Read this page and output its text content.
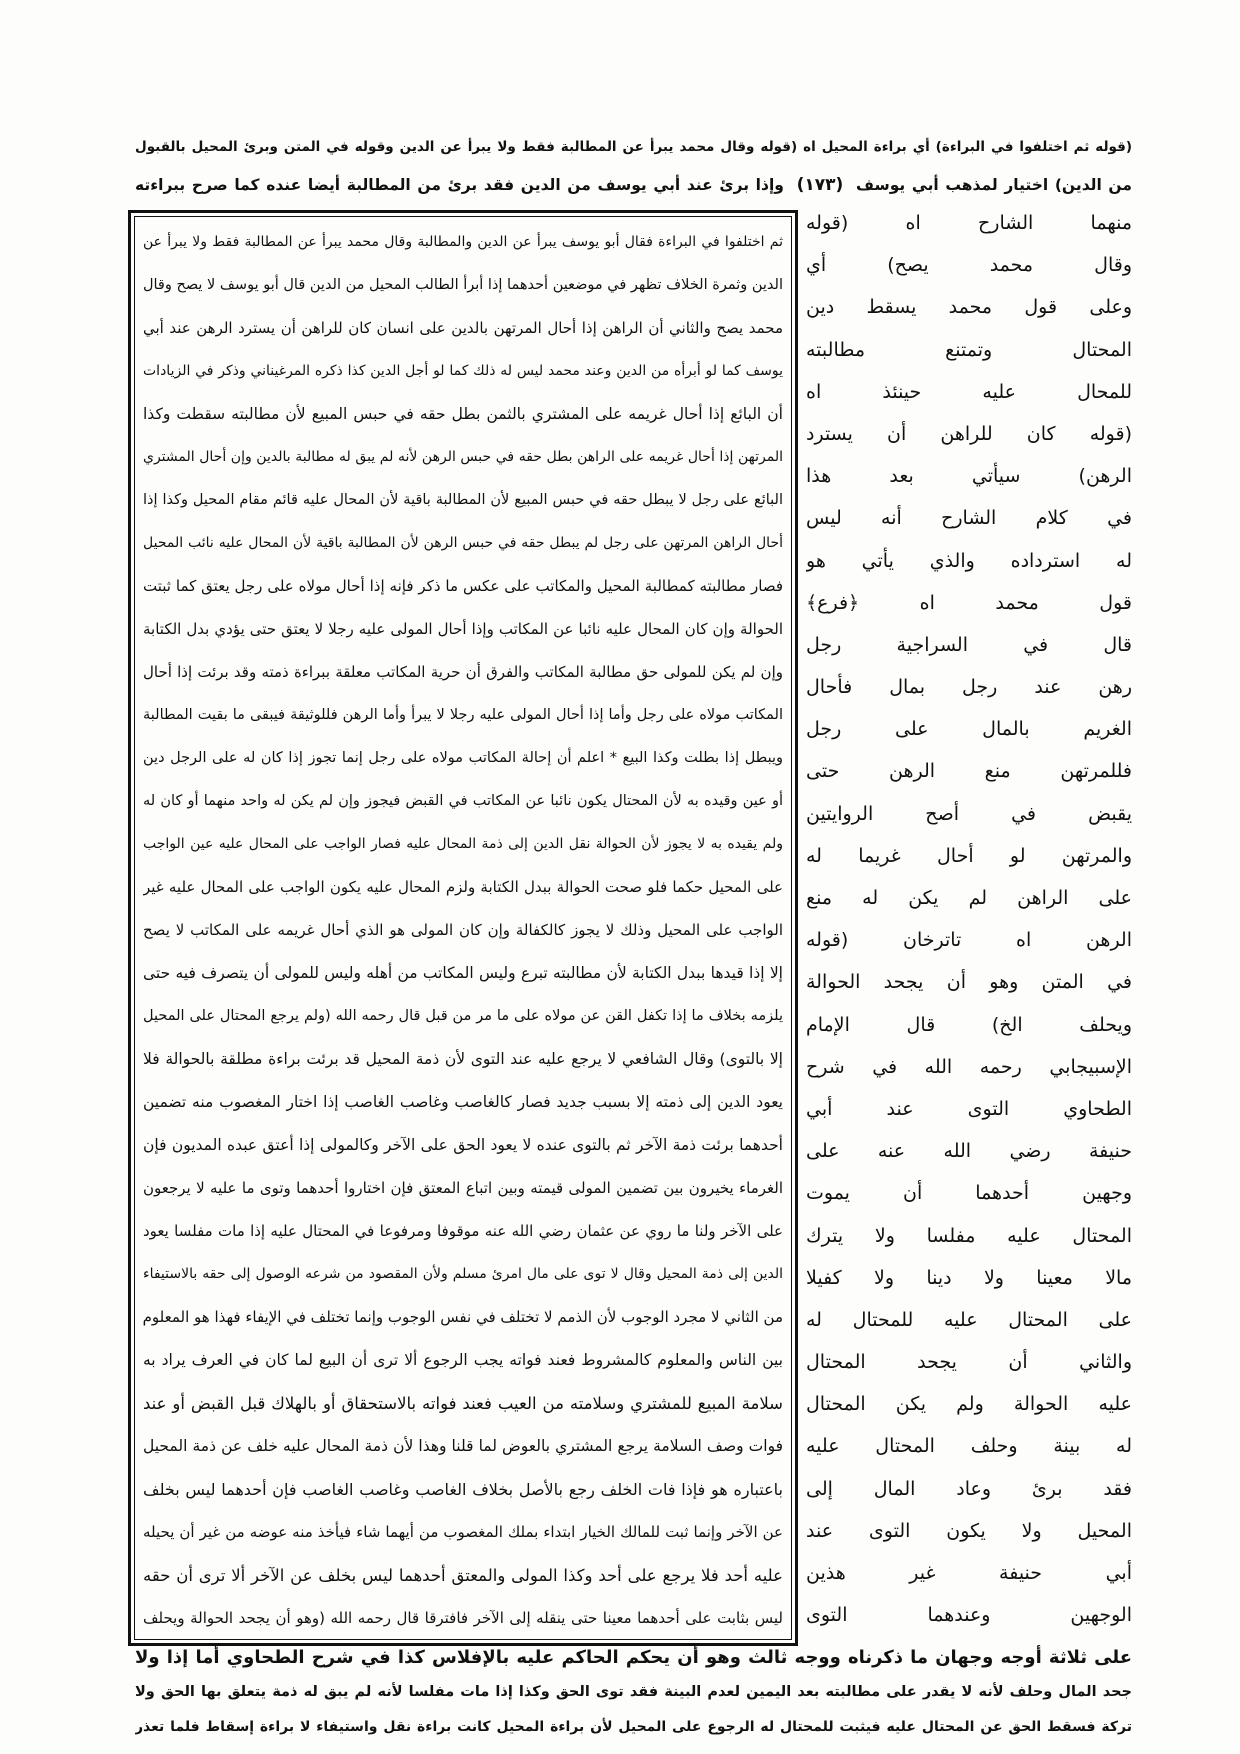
(قوله ثم اختلفوا في البراءة) أي براءة المحيل اه (قوله وقال محمد يبرأ عن المطالبة فقط ولا يبرأ عن الدين وقوله في المتن وبرئ المحيل بالقبول
من الدين) اختيار لمذهب أبي يوسف (١٧٣) وإذا برئ عند أبي يوسف من الدين فقد برئ من المطالبة أيضا عنده كما صرح ببراءته
ثم اختلفوا في البراءة فقال أبو يوسف يبرأ عن الدين والمطالبة وقال محمد يبرأ عن المطالبة فقط ولا يبرأ عن
الدين وثمرة الخلاف تظهر في موضعين أحدهما إذا أبرأ الطالب المحيل من الدين قال أبو يوسف لا يصح وقال
محمد يصح والثاني أن الراهن إذا أحال المرتهن بالدين على انسان كان للراهن أن يسترد الرهن عند أبي
يوسف كما لو أبرأه من الدين وعند محمد ليس له ذلك كما لو أجل الدين كذا ذكره المرغيناني وذكر في الزيادات
أن البائع إذا أحال غريمه على المشتري بالثمن بطل حقه في حبس المبيع لأن مطالبته سقطت وكذا
المرتهن إذا أحال غريمه على الراهن بطل حقه في حبس الرهن لأنه لم يبق له مطالبة بالدين وإن أحال المشتري
البائع على رجل لا يبطل حقه في حبس المبيع لأن المطالبة باقية لأن المحال عليه قائم مقام المحيل وكذا إذا
أحال الراهن المرتهن على رجل لم يبطل حقه في حبس الرهن لأن المطالبة باقية لأن المحال عليه نائب المحيل
فصار مطالبته كمطالبة المحيل والمكاتب على عكس ما ذكر فإنه إذا أحال مولاه على رجل يعتق كما ثبتت
الحوالة وإن كان المحال عليه نائبا عن المكاتب وإذا أحال المولى عليه رجلا لا يعتق حتى يؤدي بدل الكتابة
وإن لم يكن للمولى حق مطالبة المكاتب والفرق أن حرية المكاتب معلقة ببراءة ذمته وقد برئت إذا أحال
المكاتب مولاه على رجل وأما إذا أحال المولى عليه رجلا لا يبرأ وأما الرهن فللوثيقة فيبقى ما بقيت المطالبة
ويبطل إذا بطلت وكذا البيع * اعلم أن إحالة المكاتب مولاه على رجل إنما تجوز إذا كان له على الرجل دين
أو عين وقيده به لأن المحتال يكون نائبا عن المكاتب في القبض فيجوز وإن لم يكن له واحد منهما أو كان له
ولم يقيده به لا يجوز لأن الحوالة نقل الدين إلى ذمة المحال عليه فصار الواجب على المحال عليه عين الواجب
على المحيل حكما فلو صحت الحوالة ببدل الكتابة ولزم المحال عليه يكون الواجب على المحال عليه غير
الواجب على المحيل وذلك لا يجوز كالكفالة وإن كان المولى هو الذي أحال غريمه على المكاتب لا يصح
إلا إذا قيدها ببدل الكتابة لأن مطالبته تبرع وليس المكاتب من أهله وليس للمولى أن يتصرف فيه حتى
يلزمه بخلاف ما إذا تكفل القن عن مولاه على ما مر من قبل قال رحمه الله (ولم يرجع المحتال على المحيل
إلا بالتوى) وقال الشافعي لا يرجع عليه عند التوى لأن ذمة المحيل قد برئت براءة مطلقة بالحوالة فلا
يعود الدين إلى ذمته إلا بسبب جديد فصار كالغاصب وغاصب الغاصب إذا اختار المغصوب منه تضمين
أحدهما برئت ذمة الآخر ثم بالتوى عنده لا يعود الحق على الآخر وكالمولى إذا أعتق عبده المديون فإن
الغرماء يخيرون بين تضمين المولى قيمته وبين اتباع المعتق فإن اختاروا أحدهما وتوى ما عليه لا يرجعون
على الآخر ولنا ما روي عن عثمان رضي الله عنه موقوفا ومرفوعا في المحتال عليه إذا مات مفلسا يعود
الدين إلى ذمة المحيل وقال لا توى على مال امرئ مسلم ولأن المقصود من شرعه الوصول إلى حقه بالاستيفاء
من الثاني لا مجرد الوجوب لأن الذمم لا تختلف في نفس الوجوب وإنما تختلف في الإيفاء فهذا هو المعلوم
بين الناس والمعلوم كالمشروط فعند فواته يجب الرجوع ألا ترى أن البيع لما كان في العرف يراد به
سلامة المبيع للمشتري وسلامته من العيب فعند فواته بالاستحقاق أو بالهلاك قبل القبض أو عند
فوات وصف السلامة يرجع المشتري بالعوض لما قلنا وهذا لأن ذمة المحال عليه خلف عن ذمة المحيل
باعتباره هو فإذا فات الخلف رجع بالأصل بخلاف الغاصب وغاصب الغاصب فإن أحدهما ليس بخلف
عن الآخر وإنما ثبت للمالك الخيار ابتداء بملك المغصوب من أيهما شاء فيأخذ منه عوضه من غير أن يحيله
عليه أحد فلا يرجع على أحد وكذا المولى والمعتق أحدهما ليس بخلف عن الآخر ألا ترى أن حقه
ليس بثابت على أحدهما معينا حتى ينقله إلى الآخر فافترقا قال رحمه الله (وهو أن يجحد الحوالة ويحلف
منهما الشارح اه (قوله
وقال محمد يصح) أي
وعلى قول محمد يسقط دين
المحتال وتمتنع مطالبته
للمحال عليه حينئذ اه
(قوله كان للراهن أن يسترد
الرهن) سيأتي بعد هذا
في كلام الشارح أنه ليس
له استرداده والذي يأتي هو
قول محمد اه ﴿فرع﴾
قال في السراجية رجل
رهن عند رجل بمال فأحال
الغريم بالمال على رجل
فللمرتهن منع الرهن حتى
يقبض في أصح الروايتين
والمرتهن لو أحال غريما له
على الراهن لم يكن له منع
الرهن اه تاترخان (قوله
في المتن وهو أن يجحد الحوالة
ويحلف الخ) قال الإمام
الإسبيجابي رحمه الله في شرح
الطحاوي التوى عند أبي
حنيفة رضي الله عنه على
وجهين أحدهما أن يموت
المحتال عليه مفلسا ولا يترك
مالا معينا ولا دينا ولا كفيلا
على المحتال عليه للمحتال له
والثاني أن يجحد المحتال
عليه الحوالة ولم يكن المحتال
له بينة وحلف المحتال عليه
فقد برئ وعاد المال إلى
المحيل ولا يكون التوى عند
أبي حنيفة غير هذين
الوجهين وعندهما التوى
على ثلاثة أوجه وجهان ما ذكرناه ووجه ثالث وهو أن يحكم الحاكم عليه بالإفلاس كذا في شرح الطحاوي أما إذا ولا
جحد المال وحلف لأنه لا يقدر على مطالبته بعد اليمين لعدم البينة فقد توى الحق وكذا إذا مات مفلسا لأنه لم يبق له ذمة يتعلق بها الحق ولا
تركة فسقط الحق عن المحتال عليه فيثبت للمحتال له الرجوع على المحيل لأن براءة المحيل كانت براءة نقل واستيفاء لا براءة إسقاط فلما تعذر
